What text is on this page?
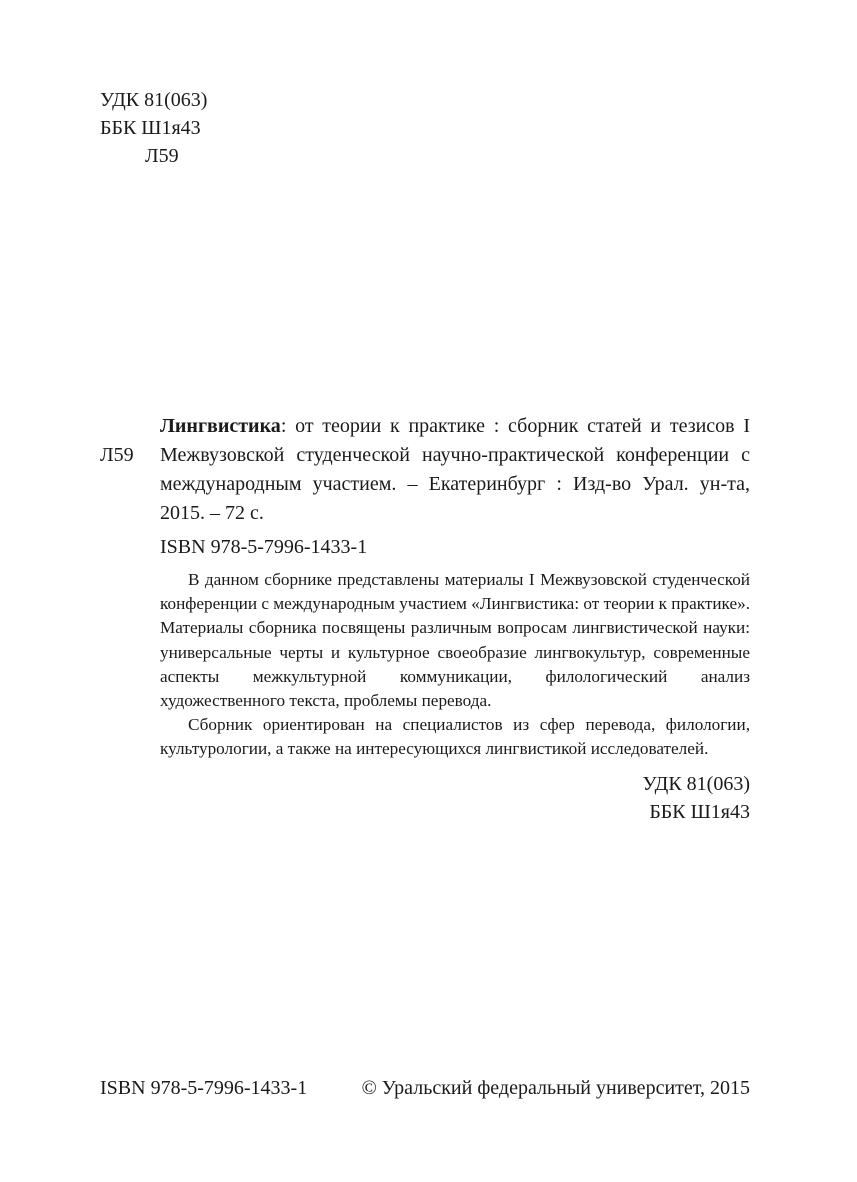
УДК 81(063)
ББК Ш1я43
Л59
Л59
Лингвистика: от теории к практике : сборник статей и тезисов I Межвузовской студенческой научно-практической конференции с международным участием. – Екатеринбург : Изд-во Урал. ун-та, 2015. – 72 с.
ISBN 978-5-7996-1433-1

В данном сборнике представлены материалы I Межвузовской студенческой конференции с международным участием «Лингвистика: от теории к практике». Материалы сборника посвящены различным вопросам лингвистической науки: универсальные черты и культурное своеобразие лингвокультур, современные аспекты межкультурной коммуникации, филологический анализ художественного текста, проблемы перевода.

Сборник ориентирован на специалистов из сфер перевода, филологии, культурологии, а также на интересующихся лингвистикой исследователей.

УДК 81(063)
ББК Ш1я43
ISBN 978-5-7996-1433-1	© Уральский федеральный университет, 2015
